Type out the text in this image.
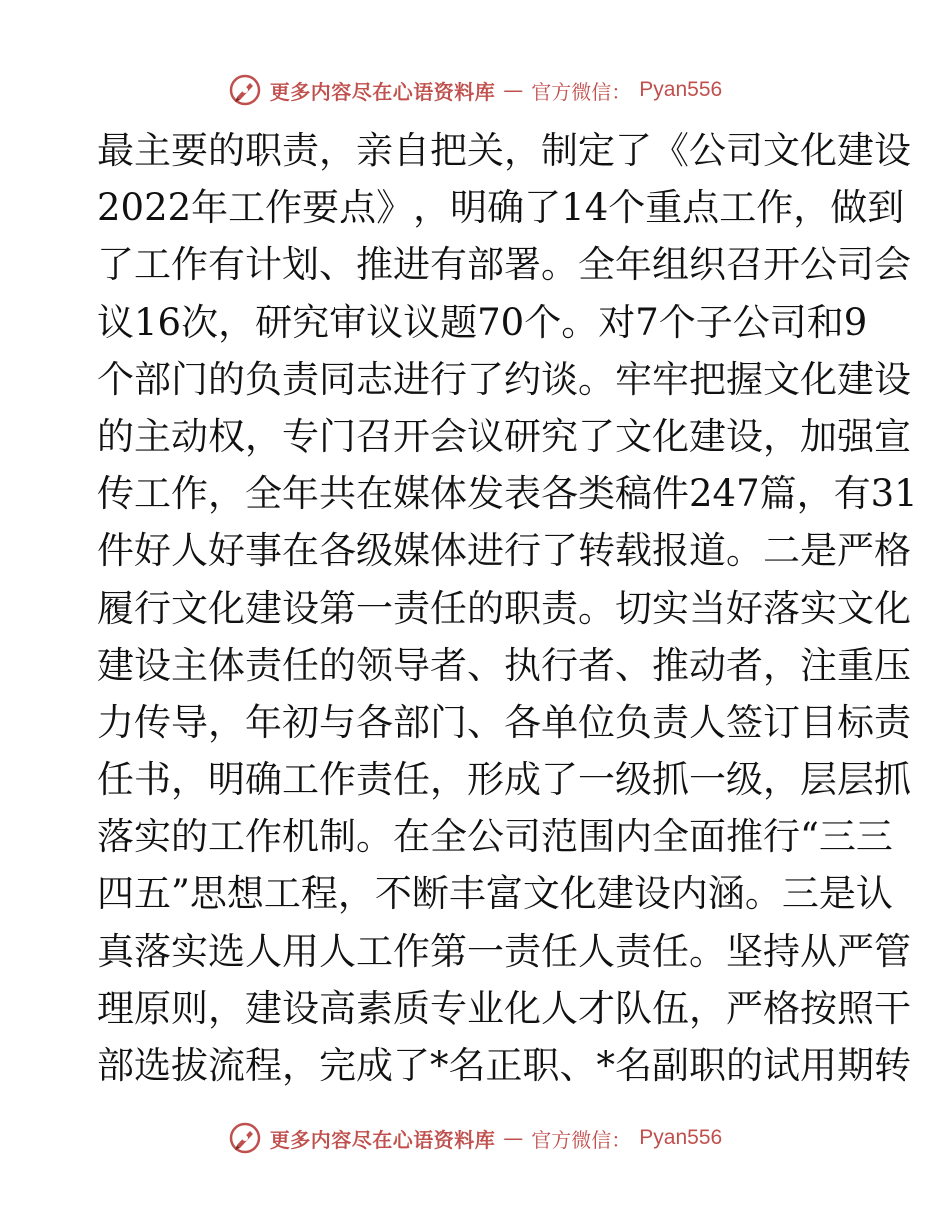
更多内容尽在心语资料库 — 官方微信： Pyan556
最 主 要 的 职 责 ， 亲 自 把 关 ， 制 定 了 《 公 司 文 化 建 设
2022 年 工 作 要 点 》 ， 明 确 了 14 个 重 点 工 作 ， 做 到
了 工 作 有 计 划 、 推 进 有 部 署 。 全 年 组 织 召 开 公 司 会
议 16 次 ， 研 究 审 议 议 题 70 个 。 对 7 个 子 公 司 和 9
个 部 门 的 负 责 同 志 进 行 了 约 谈 。 牢 牢 把 握 文 化 建 设
的 主 动 权 ， 专 门 召 开 会 议 研 究 了 文 化 建 设 ， 加 强 宣
传 工 作 ， 全 年 共 在 媒 体 发 表 各 类 稿 件 247 篇 ， 有 31
件 好 人 好 事 在 各 级 媒 体 进 行 了 转 载 报 道 。 二 是 严 格
履 行 文 化 建 设 第 一 责 任 的 职 责 。 切 实 当 好 落 实 文 化
建 设 主 体 责 任 的 领 导 者 、 执 行 者 、 推 动 者 ， 注 重 压
力 传 导 ， 年 初 与 各 部 门 、 各 单 位 负 责 人 签 订 目 标 责
任 书 ， 明 确 工 作 责 任 ， 形 成 了 一 级 抓 一 级 ， 层 层 抓
落 实 的 工 作 机 制 。 在 全 公 司 范 围 内 全 面 推 行 “ 三 三
四 五 ” 思 想 工 程 ， 不 断 丰 富 文 化 建 设 内 涵 。 三 是 认
真 落 实 选 人 用 人 工 作 第 一 责 任 人 责 任 。 坚 持 从 严 管
理 原 则 ， 建 设 高 素 质 专 业 化 人 才 队 伍 ， 严 格 按 照 干
部 选 拔 流 程 ， 完 成 了 * 名 正 职 、 * 名 副 职 的 试 用 期 转
更多内容尽在心语资料库 — 官方微信： Pyan556
